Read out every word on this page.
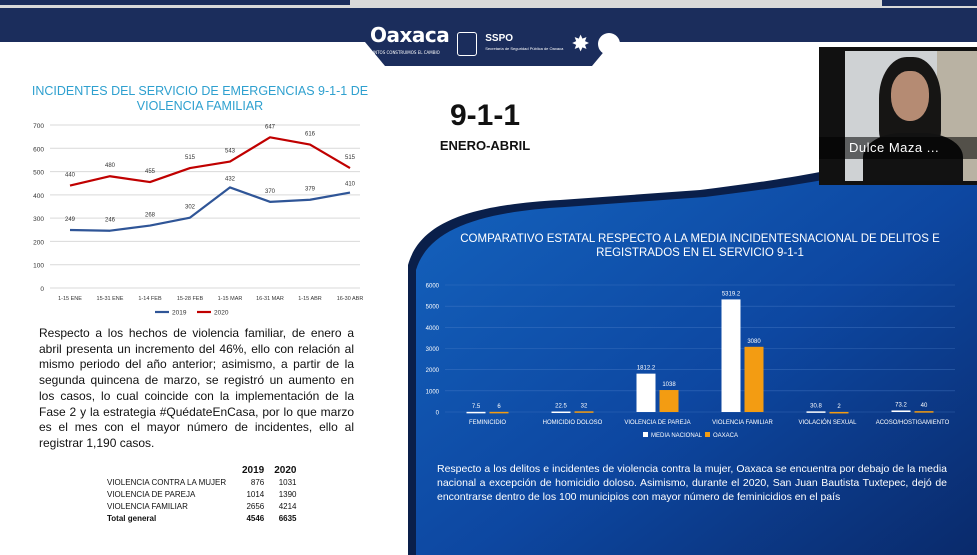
Oaxaca
JUNTOS CONSTRUIMOS EL CAMBIO
SSPO
Secretaría de Seguridad Pública de Oaxaca ✸
INCIDENTES DEL SERVICIO DE EMERGENCIAS 9-1-1 DE VIOLENCIA FAMILIAR
0
100
200
300
400
500
600
700
1-15 ENE	15-31 ENE	1-14 FEB	15-28 FEB	1-15 MAR 16-31 MAR	1-15 ABR	16-30 ABR
249	246
268
302
432
370	379
410
440
480
455
515
543
647
616
515
2019	2020
Respecto a los hechos de violencia familiar, de enero a abril presenta un incremento del 46%, ello con relación al mismo periodo del año anterior; asimismo, a partir de la segunda quincena de marzo, se registró un aumento en los casos, lo cual coincide con la implementación de la Fase 2 y la estrategia #QuédateEnCasa, por lo que marzo es el mes con el mayor número de incidentes, ello al registrar 1,190 casos.
	2019	2020
VIOLENCIA CONTRA LA MUJER	876	1031
VIOLENCIA DE PAREJA	1014	1390
VIOLENCIA FAMILIAR	2656	4214
Total general	4546	6635
9-1-1
ENERO-ABRIL
COMPARATIVO ESTATAL RESPECTO A LA MEDIA INCIDENTESNACIONAL DE DELITOS E REGISTRADOS EN EL SERVICIO 9-1-1
0
1000
2000
3000
4000
5000
6000
7.5	6
FEMINICIDIO
22.5 32
HOMICIDIO DOLOSO
1812.2
1038
VIOLENCIA DE PAREJA
5319.2
3080
VIOLENCIA FAMILIAR
30.8	2
VIOLACIÓN SEXUAL
73.2 40
ACOSO/HOSTIGAMIENTO
MEDIA NACIONAL OAXACA
Respecto a los delitos e incidentes de violencia contra la mujer, Oaxaca se encuentra por debajo de la media nacional a excepción de homicidio doloso. Asimismo, durante el 2020, San Juan Bautista Tuxtepec, dejó de encontrarse dentro de los 100 municipios con mayor número de feminicidios en el país
Dulce Maza ...
